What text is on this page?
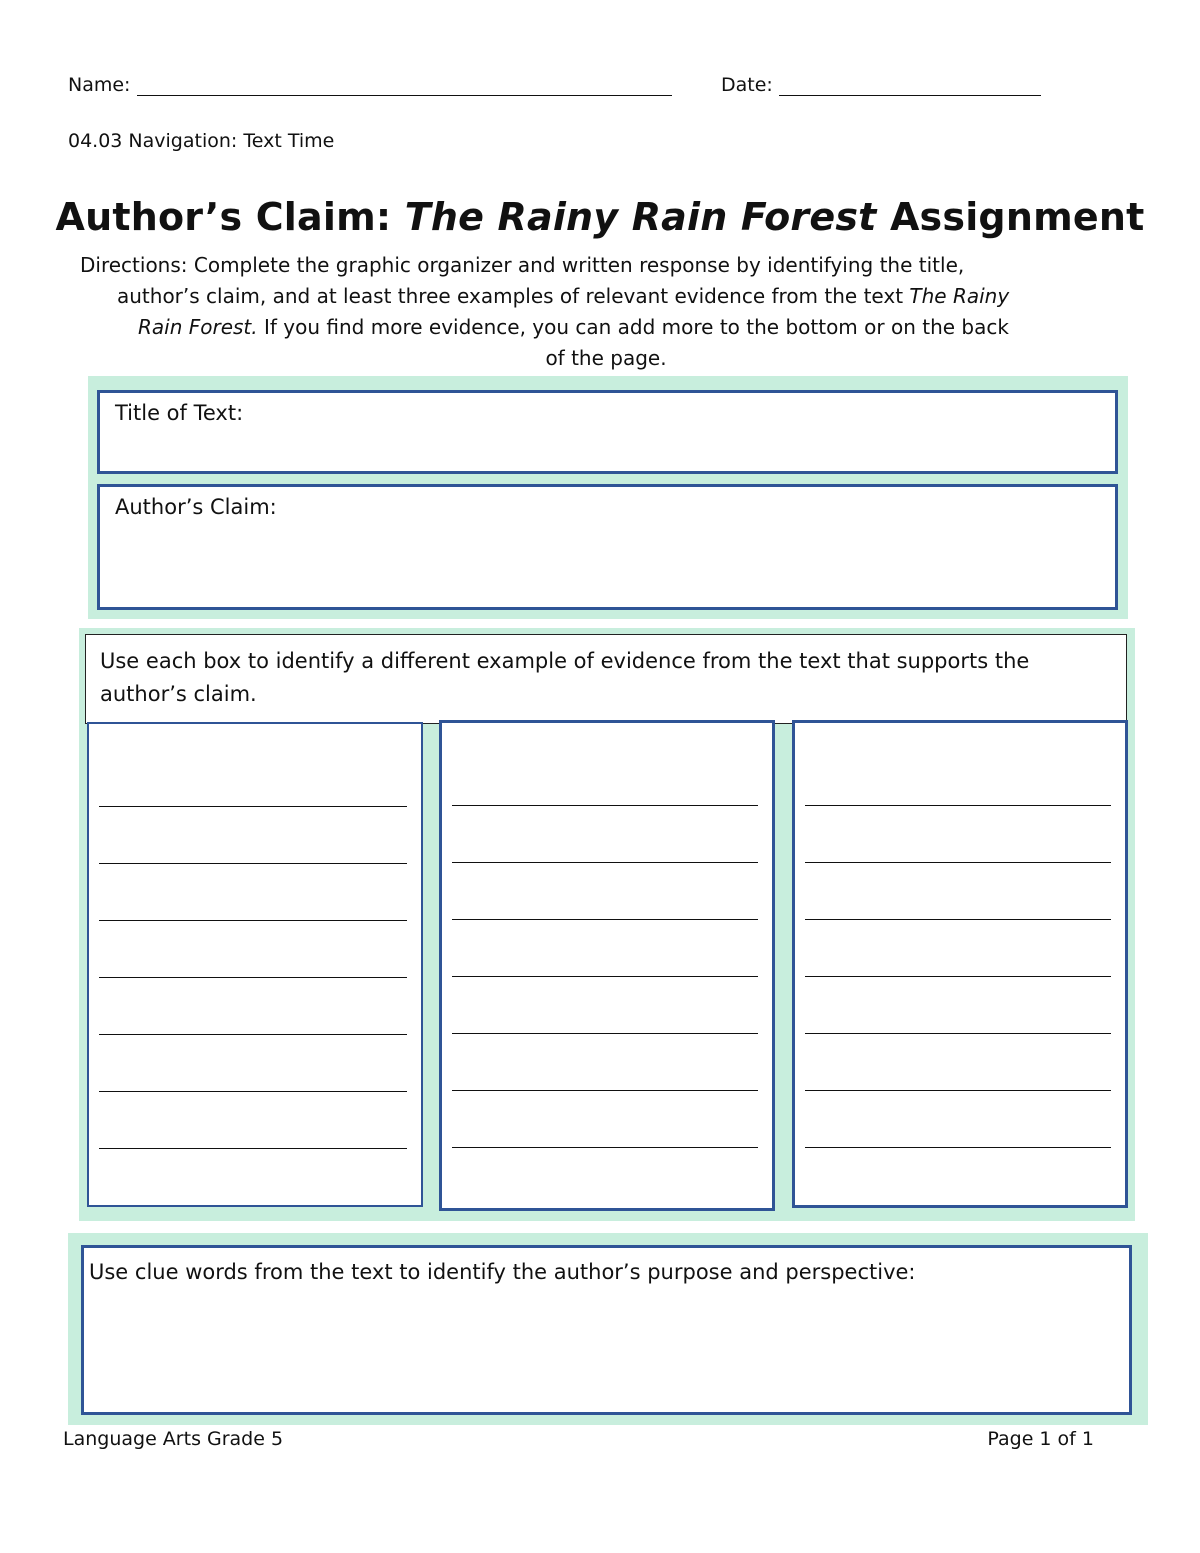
Name:	Date:
04.03 Navigation: Text Time
Author’s Claim: The Rainy Rain Forest Assignment

Directions: Complete the graphic organizer and written response by identifying the title,

author’s claim, and at least three examples of relevant evidence from the text The Rainy

Rain Forest. If you find more evidence, you can add more to the bottom or on the back

of the page.

Title of Text:
Author’s Claim:
Use each box to identify a different example of evidence from the text that supports the author’s claim.
Use clue words from the text to identify the author’s purpose and perspective:
Language Arts Grade 5	Page 1 of 1
